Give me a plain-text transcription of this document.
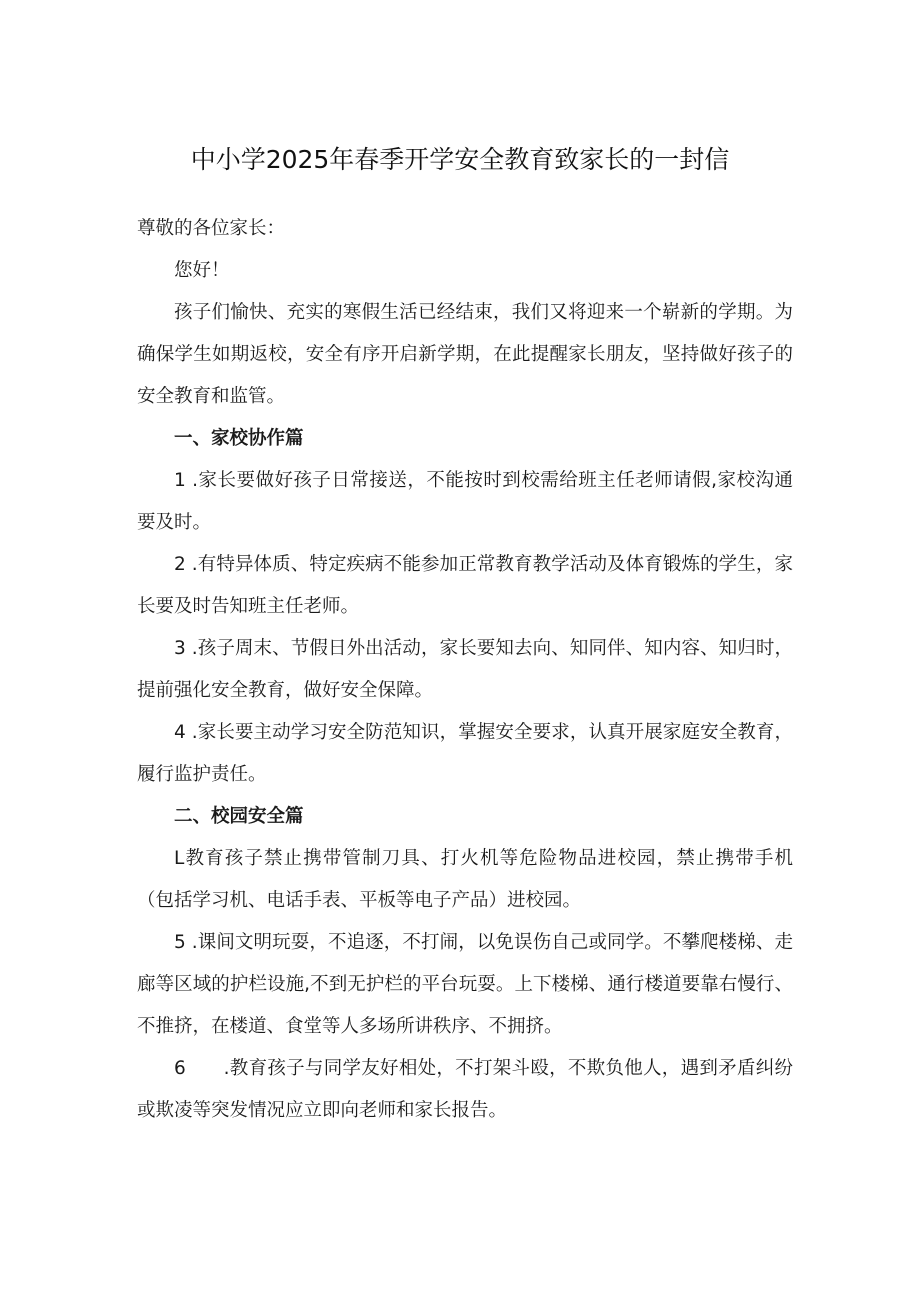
中小学2025年春季开学安全教育致家长的一封信

尊敬的各位家长：

您好！

孩子们愉快、充实的寒假生活已经结束，我们又将迎来一个崭新的学期。为确保学生如期返校，安全有序开启新学期，在此提醒家长朋友，坚持做好孩子的安全教育和监管。

一、家校协作篇

1 .家长要做好孩子日常接送，不能按时到校需给班主任老师请假,家校沟通要及时。

2 .有特异体质、特定疾病不能参加正常教育教学活动及体育锻炼的学生，家长要及时告知班主任老师。

3 .孩子周末、节假日外出活动，家长要知去向、知同伴、知内容、知归时，提前强化安全教育，做好安全保障。

4 .家长要主动学习安全防范知识，掌握安全要求，认真开展家庭安全教育，履行监护责任。

二、校园安全篇

L教育孩子禁止携带管制刀具、打火机等危险物品进校园，禁止携带手机（包括学习机、电话手表、平板等电子产品）进校园。

5 .课间文明玩耍，不追逐，不打闹，以免误伤自己或同学。不攀爬楼梯、走廊等区域的护栏设施,不到无护栏的平台玩耍。上下楼梯、通行楼道要靠右慢行、不推挤，在楼道、食堂等人多场所讲秩序、不拥挤。

6　　.教育孩子与同学友好相处，不打架斗殴，不欺负他人，遇到矛盾纠纷或欺凌等突发情况应立即向老师和家长报告。
